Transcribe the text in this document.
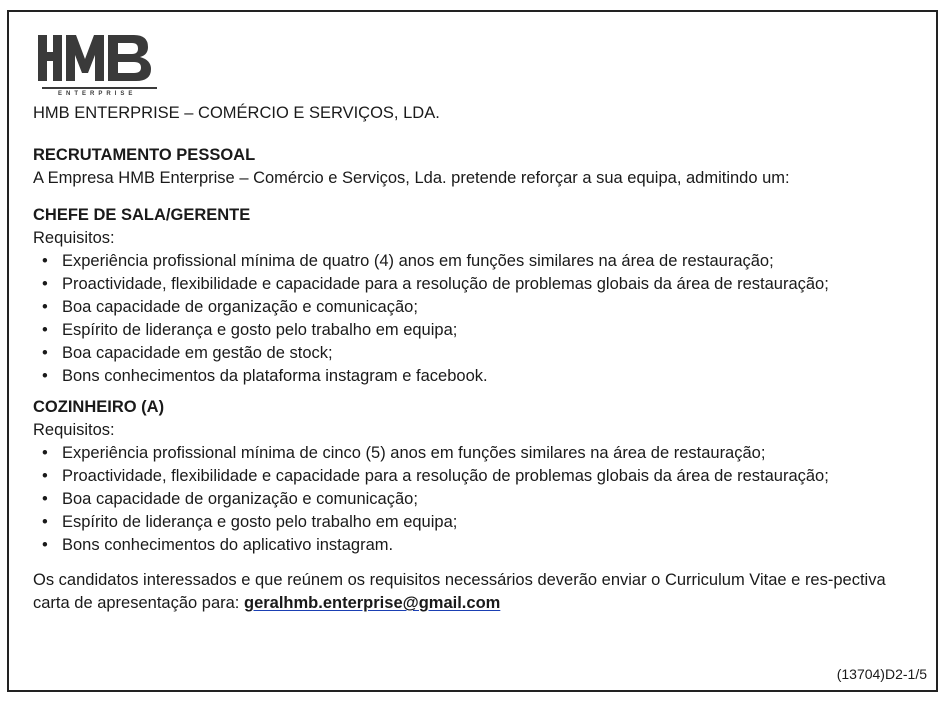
ENTERPRISE

HMB ENTERPRISE – COMÉRCIO E SERVIÇOS, LDA.

RECRUTAMENTO PESSOAL

A Empresa HMB Enterprise – Comércio e Serviços, Lda. pretende reforçar a sua equipa, admitindo um:

CHEFE DE SALA/GERENTE

Requisitos:

• Experiência profissional mínima de quatro (4) anos em funções similares na área de restauração;
• Proactividade, flexibilidade e capacidade para a resolução de problemas globais da área de restauração;
• Boa capacidade de organização e comunicação;
• Espírito de liderança e gosto pelo trabalho em equipa;
• Boa capacidade em gestão de stock;
• Bons conhecimentos da plataforma instagram e facebook.

COZINHEIRO (A)

Requisitos:

• Experiência profissional mínima de cinco (5) anos em funções similares na área de restauração;
• Proactividade, flexibilidade e capacidade para a resolução de problemas globais da área de restauração;
• Boa capacidade de organização e comunicação;
• Espírito de liderança e gosto pelo trabalho em equipa;
• Bons conhecimentos do aplicativo instagram.

Os candidatos interessados e que reúnem os requisitos necessários deverão enviar o Curriculum Vitae e res-pectiva carta de apresentação para: geralhmb.enterprise@gmail.com

(13704)D2-1/5
